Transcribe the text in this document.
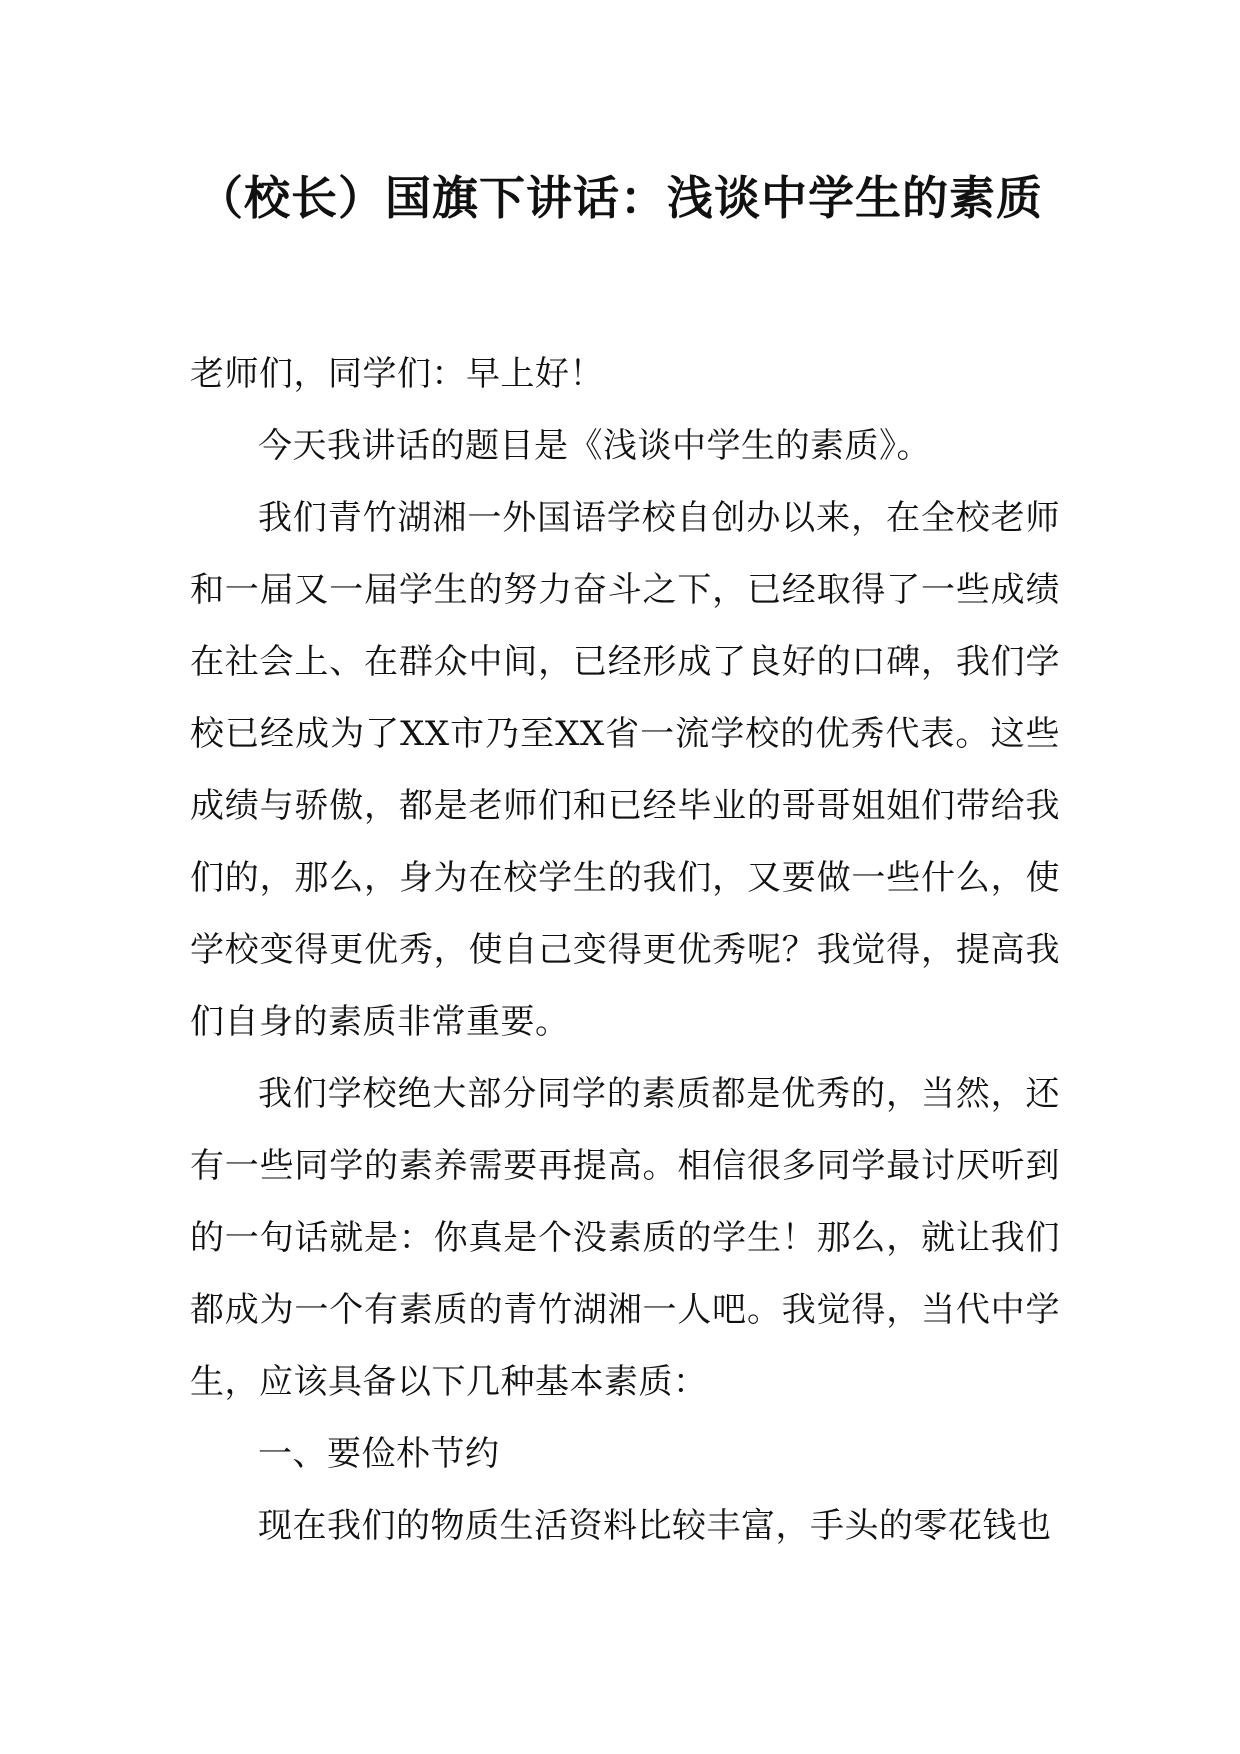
（校长）国旗下讲话：浅谈中学生的素质

老师们，同学们：早上好！

今天我讲话的题目是《浅谈中学生的素质》。

我们青竹湖湘一外国语学校自创办以来，在全校老师和一届又一届学生的努力奋斗之下，已经取得了一些成绩在社会上、在群众中间，已经形成了良好的口碑，我们学校已经成为了XX市乃至XX省一流学校的优秀代表。这些成绩与骄傲，都是老师们和已经毕业的哥哥姐姐们带给我们的，那么，身为在校学生的我们，又要做一些什么，使学校变得更优秀，使自己变得更优秀呢？我觉得，提高我们自身的素质非常重要。

我们学校绝大部分同学的素质都是优秀的，当然，还有一些同学的素养需要再提高。相信很多同学最讨厌听到的一句话就是：你真是个没素质的学生！那么，就让我们都成为一个有素质的青竹湖湘一人吧。我觉得，当代中学生，应该具备以下几种基本素质：

一、要俭朴节约

现在我们的物质生活资料比较丰富，手头的零花钱也
